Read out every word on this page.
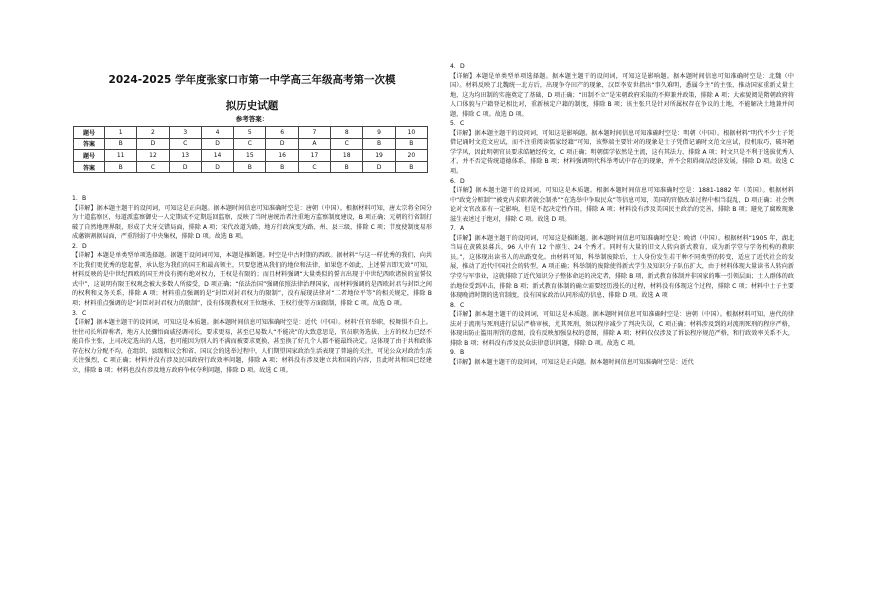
2024-2025 学年度张家口市第一中学高三年级高考第一次模
拟历史试题
参考答案：
题号	1	2	3	4	5	6	7	8	9	10
答案	B	D	C	D	C	D	A	C	B	B
题号	11	12	13	14	15	16	17	18	19	20
答案	B	C	D	D	B	B	C	B	D	B

1．B

【详解】据本题主题干的设问词，可知这是正向题。据本题时间信息可知准确时空是：唐朝（中国）。根据材料可知，唐太宗将全国分为十道监察区，每道派监察御史一人定期或不定期巡回监察，反映了当时唐统治者注重地方监察制度建设，B 项正确；元朝的行省制打破了自然地理界限，形成了犬牙交错局面，排除 A 项；宋代改道为路，地方行政演变为路、州、县三级，排除 C 项；节度使制度易形成藩镇割据局面，严重削弱了中央集权，排除 D 项。故选 B 项。

2．D

【详解】本题是单类型单项选择题。据题干设问词可知，本题是推断题。时空是中古时期的西欧。据材料“与这一样优秀的我们，向共不比我们更优秀的您起誓，承认您为我们的国王和最高领主，只要您遵从我们的地位和法律，如果您不如此，上述誓言即无效”可知，材料反映的是中世纪西欧的国王并没有拥有绝对权力，王权是有限的；而且材料强调“大量类似的誓言出现于中世纪西欧诸侯的宣誓仪式中”，这说明有限王权观念被大多数人所接受，D 项正确；“依法治国”强调依照法律治理国家，而材料强调的是西欧封君与封臣之间的权利和义务关系，排除 A 项；材料重点强调的是“封臣对封君权力的限制”，没有展现法律对“二者地位平等”的相关规定，排除 B 项；材料重点强调的是“封臣对封君权力的限制”，没有体现教权对王位继承、王权行使等方面限制，排除 C 项。故选 D 项。

3．C

【详解】据本题主题干的设问词，可知这是本质题。据本题时间信息可知准确时空是：近代（中国）。材料‘任官举职，校舞惧不自上。往往司长所辟称者，地方人民骤悟面戚径调司长，要求更易，甚至已易数人“不能决”的大致意思是，官员职务选拔，上方的权力已经不能自作主张，上司决定选出的人选，也可能因为别人的不满而被要求更换，甚至换了好几个人都不能最终决定。这体现了由于共和政体存在权力分配不均，在组织、县级和议会和省、国议会的选举过程中，人们期望国家政治生活表现了普遍的关注，可见公众对政治生活关注强烈，C 项正确；材料并没有涉及民国政府行政效率问题，排除 A 项；材料没有涉及建立共和国的内容，且此时共和国已经建立，排除 B 项；材料也没有涉及地方政府争权夺利问题，排除 D 项。故选 C 项。

4．D

【详解】本题是单类型单项选择题。据本题主题干的设问词，可知这是影响题。据本题时间信息可知准确时空是：北魏（中国）。材料反映了北魏统一北方后，出现争夺田产的现象，汉臣李安世指出“事久难明，悉属今主”的主张，推动国家重新丈量土地，这为均田制的实施奠定了基础，D 项正确；“田制不立”是宋朝政府采取的不抑兼并政策，排除 A 项；大索貌阅是隋朝政府将人口体貌与户籍登记相比对，重新核定户籍的制度，排除 B 项；该主张只是针对所属权存在争议的土地，不能解决土地兼并问题，排除 C 项。故选 D 项。

5．C

【详解】据本题主题干的设问词，可知这是影响题。据本题时间信息可知准确时空是：明朝（中国）。根据材料“明代不少士子凭借记诵时文范文应试，而不注重阅读儒家经籍”可知，该弊端主要针对的现象是士子凭借记诵时文范文应试，投机取巧，破坏陋学学风，因此明朝官员要求皓陋经传文，C 项正确；明朝儒学依然是主流，这有其法力，排除 A 项；时文只是不利于选拔优秀人才，并不否定传统道德体系，排除 B 项；材料强调明代科举考试中存在的现象，并不会阻碍商品经济发展，排除 D 项。故选 C 项。

6．D

【详解】据本题主题干的设问词，可知这是本质题。根据本题时间信息可知准确时空是：1881-1882 年（美国）。根据材料中“政党分赃制”“被党内求职者就会制杀”“在选举中争取民众”等信息可知，美国的官僚改革过程中相当混乱，D 项正确；社会舆论对文官改革有一定影响，但是不起决定性作用，排除 A 项；材料没有涉及美国民主政治的完善，排除 B 项；避免了腐败现象滋生表述过于绝对，排除 C 项。故选 D 项。

7．A

【详解】据本题主题干的设问词，可知这是推断题。据本题时间信息可知准确时空是：晚清（中国）。根据材料“1905 年，湖北当局在黄陂县募兵，96 人中有 12 个廪生、24 个秀才。同时有大量的旧文人转向新式教育，成为新学堂与学务机构的教职员。”，这体现出读书人的出路变化。由材料可知，科举制废除后，士人身份发生若干种不同类型的转变，适应了近代社会的发展，推动了近代中国社会的转型，A 项正确；科举制的废除使得新式学生及知识分子队伍扩大，由于材料体现大量读书人转向新学堂与军事业，这就排除了近代知识分子整体命运的决定者，排除 B 项，新式教育体制并非国家的唯一引领层面；士人群体的政治地位受到冲击，排除 B 项；新式教育体制的确立需要经历漫长的过程，材料没有体现这个过程，排除 C 项；材料中士子主要体现晚清时期的选官制度，没有国家政治认同形成的信息，排除 D 项。故选 A 项

8．C

【详解】据本题主题干的设问词，可知这是本质题。据本题时间信息可知准确时空是：唐朝（中国）。根据材料可知，唐代的律法对于流刑与死刑进行层层严格审核，尤其死刑，须以程序减少了判决失误，C 项正确；材料涉及到的对流刑死刑的程序严格，体现出防止滥用刑罚的意图，没有反映加强皇权的意图，排除 A 项；材料仅仅涉及了诉讼程序规范严格，和行政效率关系不大，排除 B 项；材料没有涉及民众法律意识问题，排除 D 项。故选 C 项。

9．B

【详解】据本题主题干的设问词，可知这是正向题。据本题时间信息可知准确时空是：近代
